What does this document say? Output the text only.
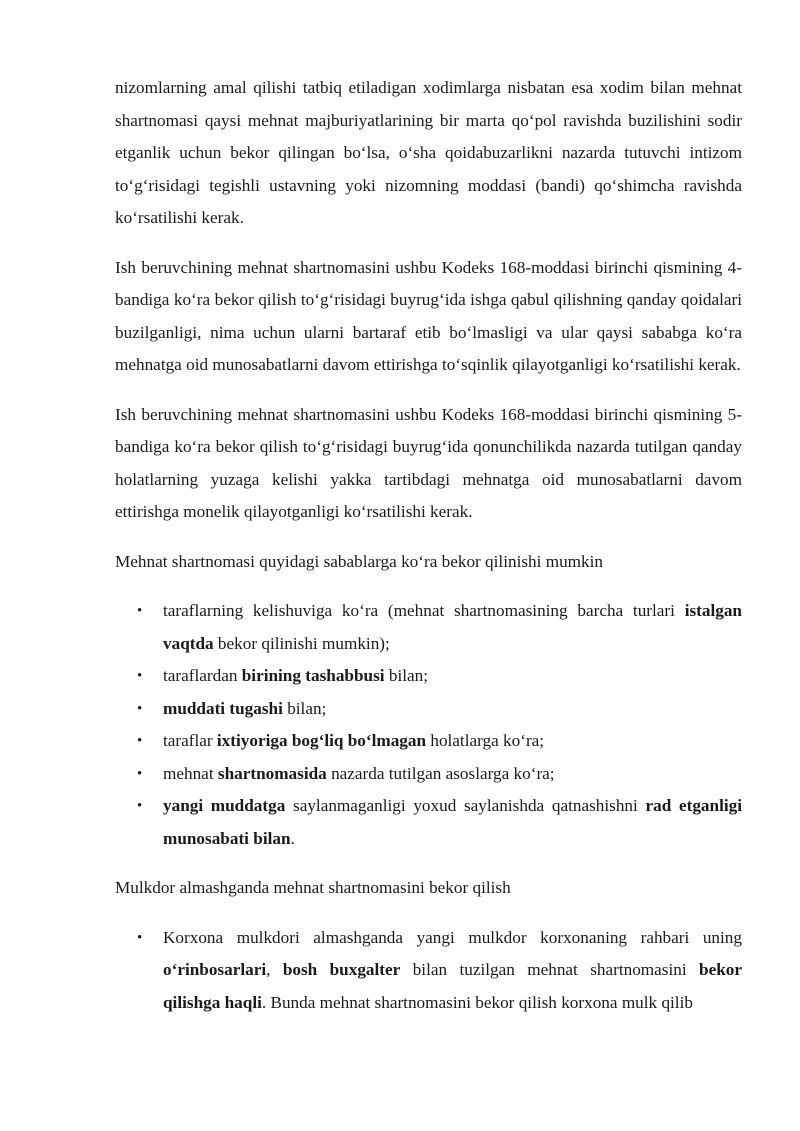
nizomlarning amal qilishi tatbiq etiladigan xodimlarga nisbatan esa xodim bilan mehnat shartnomasi qaysi mehnat majburiyatlarining bir marta qo‘pol ravishda buzilishini sodir etganlik uchun bekor qilingan bo‘lsa, o‘sha qoidabuzarlikni nazarda tutuvchi intizom to‘g‘risidagi tegishli ustavning yoki nizomning moddasi (bandi) qo‘shimcha ravishda ko‘rsatilishi kerak.

Ish beruvchining mehnat shartnomasini ushbu Kodeks 168-moddasi birinchi qismining 4-bandiga ko‘ra bekor qilish to‘g‘risidagi buyrug‘ida ishga qabul qilishning qanday qoidalari buzilganligi, nima uchun ularni bartaraf etib bo‘lmasligi va ular qaysi sababga ko‘ra mehnatga oid munosabatlarni davom ettirishga to‘sqinlik qilayotganligi ko‘rsatilishi kerak.

Ish beruvchining mehnat shartnomasini ushbu Kodeks 168-moddasi birinchi qismining 5-bandiga ko‘ra bekor qilish to‘g‘risidagi buyrug‘ida qonunchilikda nazarda tutilgan qanday holatlarning yuzaga kelishi yakka tartibdagi mehnatga oid munosabatlarni davom ettirishga monelik qilayotganligi ko‘rsatilishi kerak.

Mehnat shartnomasi quyidagi sabablarga ko‘ra bekor qilinishi mumkin

• taraflarning kelishuviga ko‘ra (mehnat shartnomasining barcha turlari istalgan vaqtda bekor qilinishi mumkin);
• taraflardan birining tashabbusi bilan;
• muddati tugashi bilan;
• taraflar ixtiyoriga bog‘liq bo‘lmagan holatlarga ko‘ra;
• mehnat shartnomasida nazarda tutilgan asoslarga ko‘ra;
• yangi muddatga saylanmaganligi yoxud saylanishda qatnashishni rad etganligi munosabati bilan.

Mulkdor almashganda mehnat shartnomasini bekor qilish

• Korxona mulkdori almashganda yangi mulkdor korxonaning rahbari uning o‘rinbosarlari, bosh buxgalter bilan tuzilgan mehnat shartnomasini bekor qilishga haqli. Bunda mehnat shartnomasini bekor qilish korxona mulk qilib
